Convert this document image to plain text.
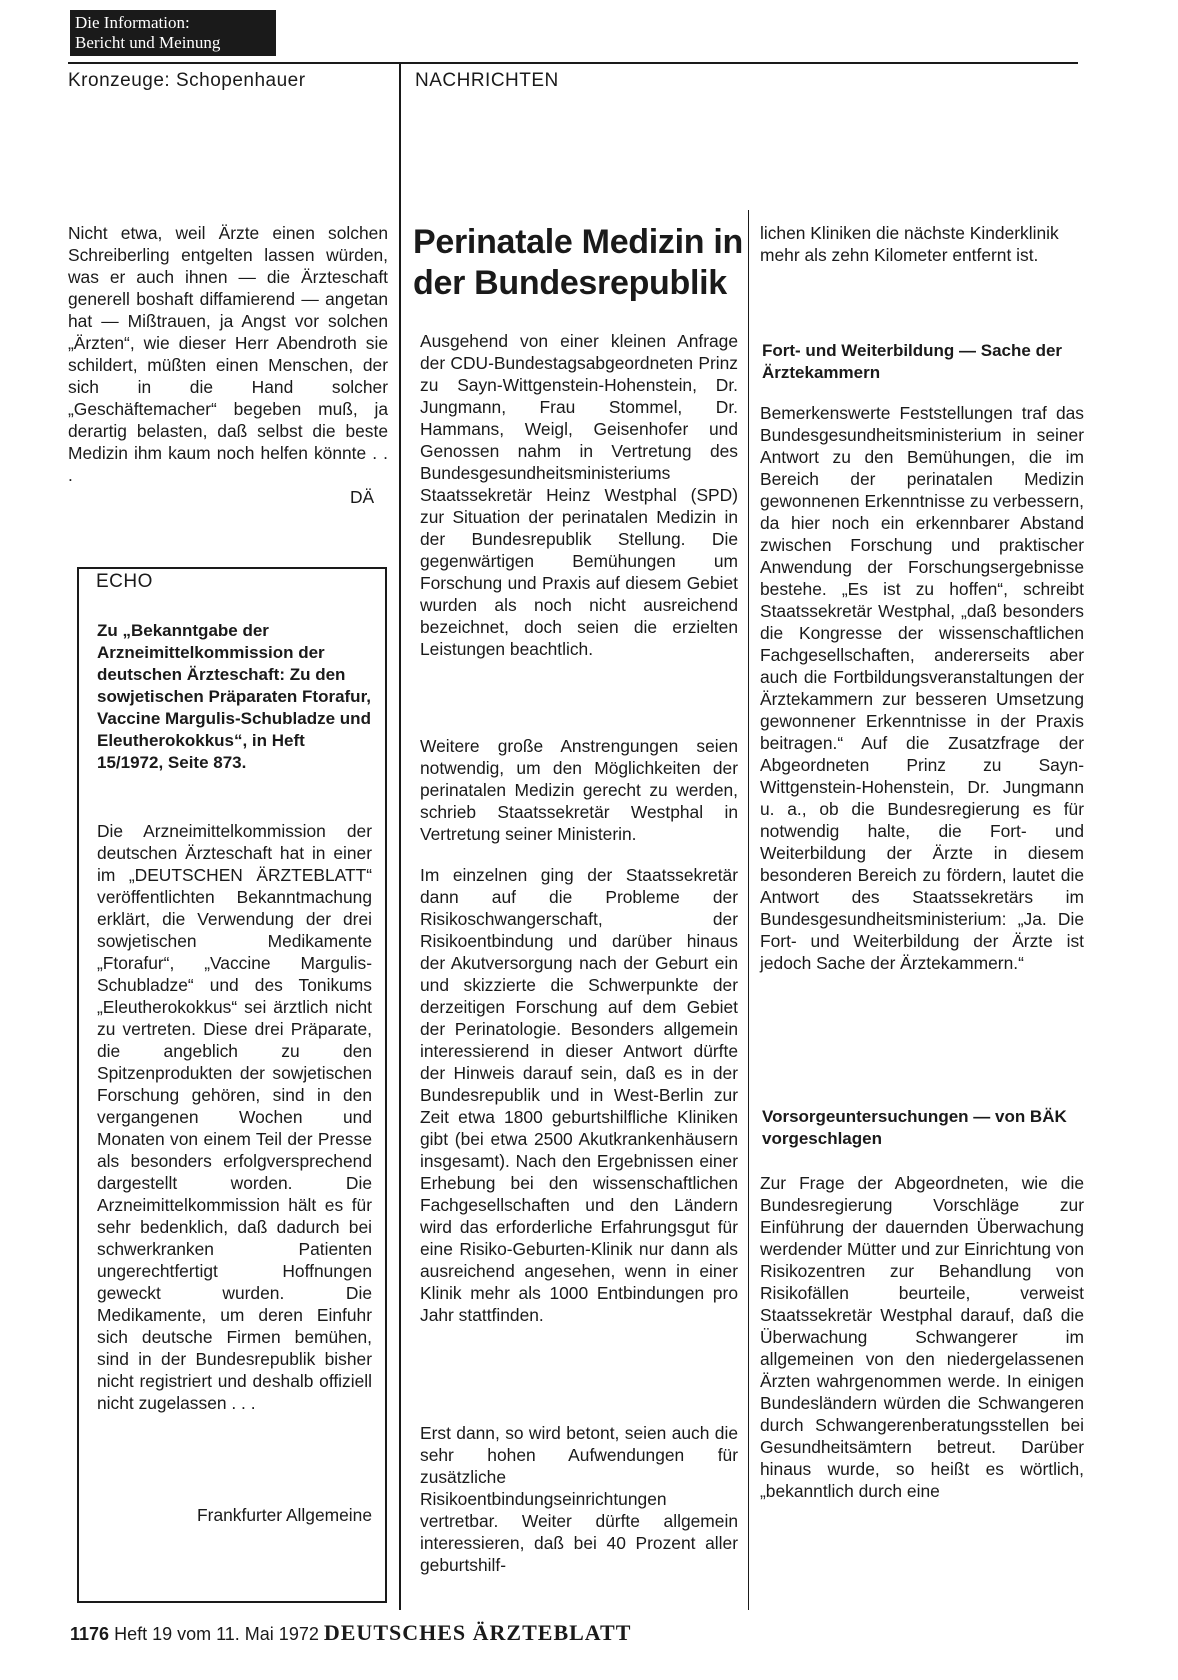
Die Information:
Bericht und Meinung
Kronzeuge: Schopenhauer	NACHRICHTEN

Nicht etwa, weil Ärzte einen solchen Schreiberling entgelten lassen würden, was er auch ihnen — die Ärzteschaft generell boshaft diffamierend — angetan hat — Mißtrauen, ja Angst vor solchen „Ärzten“, wie dieser Herr Abendroth sie schildert, müßten einen Menschen, der sich in die Hand solcher „Geschäftemacher“ begeben muß, ja derartig belasten, daß selbst die beste Medizin ihm kaum noch helfen könnte . . .

DÄ
ECHO
Zu „Bekanntgabe der Arzneimittelkommission der deutschen Ärzteschaft: Zu den sowjetischen Präparaten Ftorafur, Vaccine Margulis-Schubladze und Eleutherokokkus“, in Heft 15/1972, Seite 873.

Die Arzneimittelkommission der deutschen Ärzteschaft hat in einer im „DEUTSCHEN ÄRZTEBLATT“ veröffentlichten Bekanntmachung erklärt, die Verwendung der drei sowjetischen Medikamente „Ftorafur“, „Vaccine Margulis-Schubladze“ und des Tonikums „Eleutherokokkus“ sei ärztlich nicht zu vertreten. Diese drei Präparate, die angeblich zu den Spitzenprodukten der sowjetischen Forschung gehören, sind in den vergangenen Wochen und Monaten von einem Teil der Presse als besonders erfolgversprechend dargestellt worden. Die Arzneimittelkommission hält es für sehr bedenklich, daß dadurch bei schwerkranken Patienten ungerechtfertigt Hoffnungen geweckt wurden. Die Medikamente, um deren Einfuhr sich deutsche Firmen bemühen, sind in der Bundesrepublik bisher nicht registriert und deshalb offiziell nicht zugelassen . . .

Frankfurter Allgemeine
Perinatale Medizin in der Bundesrepublik

Ausgehend von einer kleinen Anfrage der CDU-Bundestagsabgeordneten Prinz zu Sayn-Wittgenstein-Hohenstein, Dr. Jungmann, Frau Stommel, Dr. Hammans, Weigl, Geisenhofer und Genossen nahm in Vertretung des Bundesgesundheitsministeriums Staatssekretär Heinz Westphal (SPD) zur Situation der perinatalen Medizin in der Bundesrepublik Stellung. Die gegenwärtigen Bemühungen um Forschung und Praxis auf diesem Gebiet wurden als noch nicht ausreichend bezeichnet, doch seien die erzielten Leistungen beachtlich.

Weitere große Anstrengungen seien notwendig, um den Möglichkeiten der perinatalen Medizin gerecht zu werden, schrieb Staatssekretär Westphal in Vertretung seiner Ministerin.

Im einzelnen ging der Staatssekretär dann auf die Probleme der Risikoschwangerschaft, der Risikoentbindung und darüber hinaus der Akutversorgung nach der Geburt ein und skizzierte die Schwerpunkte der derzeitigen Forschung auf dem Gebiet der Perinatologie. Besonders allgemein interessierend in dieser Antwort dürfte der Hinweis darauf sein, daß es in der Bundesrepublik und in West-Berlin zur Zeit etwa 1800 geburtshilfliche Kliniken gibt (bei etwa 2500 Akutkrankenhäusern insgesamt). Nach den Ergebnissen einer Erhebung bei den wissenschaftlichen Fachgesellschaften und den Ländern wird das erforderliche Erfahrungsgut für eine Risiko-Geburten-Klinik nur dann als ausreichend angesehen, wenn in einer Klinik mehr als 1000 Entbindungen pro Jahr stattfinden.

Erst dann, so wird betont, seien auch die sehr hohen Aufwendungen für zusätzliche Risikoentbindungseinrichtungen vertretbar. Weiter dürfte allgemein interessieren, daß bei 40 Prozent aller geburtshilf-

lichen Kliniken die nächste Kinderklinik mehr als zehn Kilometer entfernt ist.

Fort- und Weiterbildung — Sache der Ärztekammern

Bemerkenswerte Feststellungen traf das Bundesgesundheitsministerium in seiner Antwort zu den Bemühungen, die im Bereich der perinatalen Medizin gewonnenen Erkenntnisse zu verbessern, da hier noch ein erkennbarer Abstand zwischen Forschung und praktischer Anwendung der Forschungsergebnisse bestehe. „Es ist zu hoffen“, schreibt Staatssekretär Westphal, „daß besonders die Kongresse der wissenschaftlichen Fachgesellschaften, andererseits aber auch die Fortbildungsveranstaltungen der Ärztekammern zur besseren Umsetzung gewonnener Erkenntnisse in der Praxis beitragen.“ Auf die Zusatzfrage der Abgeordneten Prinz zu Sayn-Wittgenstein-Hohenstein, Dr. Jungmann u. a., ob die Bundesregierung es für notwendig halte, die Fort- und Weiterbildung der Ärzte in diesem besonderen Bereich zu fördern, lautet die Antwort des Staatssekretärs im Bundesgesundheitsministerium: „Ja. Die Fort- und Weiterbildung der Ärzte ist jedoch Sache der Ärztekammern.“

Vorsorgeuntersuchungen — von BÄK vorgeschlagen

Zur Frage der Abgeordneten, wie die Bundesregierung Vorschläge zur Einführung der dauernden Überwachung werdender Mütter und zur Einrichtung von Risikozentren zur Behandlung von Risikofällen beurteile, verweist Staatssekretär Westphal darauf, daß die Überwachung Schwangerer im allgemeinen von den niedergelassenen Ärzten wahrgenommen werde. In einigen Bundesländern würden die Schwangeren durch Schwangerenberatungsstellen bei Gesundheitsämtern betreut. Darüber hinaus wurde, so heißt es wörtlich, „bekanntlich durch eine

1176 Heft 19 vom 11. Mai 1972 DEUTSCHES ÄRZTEBLATT
